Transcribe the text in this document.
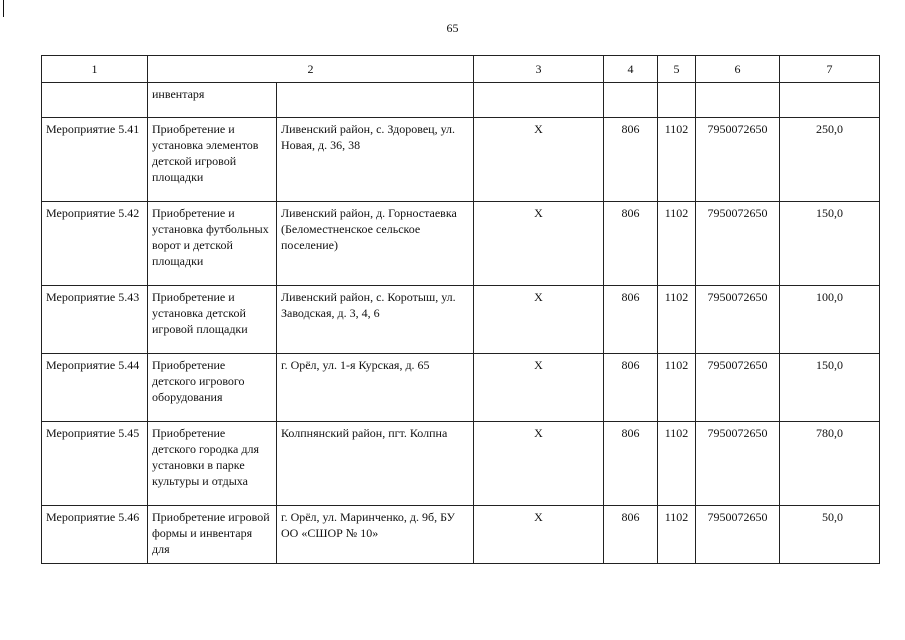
65
1	2		3	4	5	6	7
	инвентаря						
Мероприятие 5.41	Приобретение и установка элементов детской игровой площадки	Ливенский район, с. Здоровец, ул. Новая, д. 36, 38	Х	806	1102	7950072650	250,0
Мероприятие 5.42	Приобретение и установка футбольных ворот и детской площадки	Ливенский район, д. Горностаевка (Беломестненское сельское поселение)	Х	806	1102	7950072650	150,0
Мероприятие 5.43	Приобретение и установка детской игровой площадки	Ливенский район, с. Коротыш, ул. Заводская, д. 3, 4, 6	Х	806	1102	7950072650	100,0
Мероприятие 5.44	Приобретение детского игрового оборудования	г. Орёл, ул. 1-я Курская, д. 65	Х	806	1102	7950072650	150,0
Мероприятие 5.45	Приобретение детского городка для установки в парке культуры и отдыха	Колпнянский район, пгт. Колпна	Х	806	1102	7950072650	780,0
Мероприятие 5.46	Приобретение игровой формы и инвентаря для	г. Орёл, ул. Маринченко, д. 9б, БУ ОО «СШОР № 10»	Х	806	1102	7950072650	50,0
